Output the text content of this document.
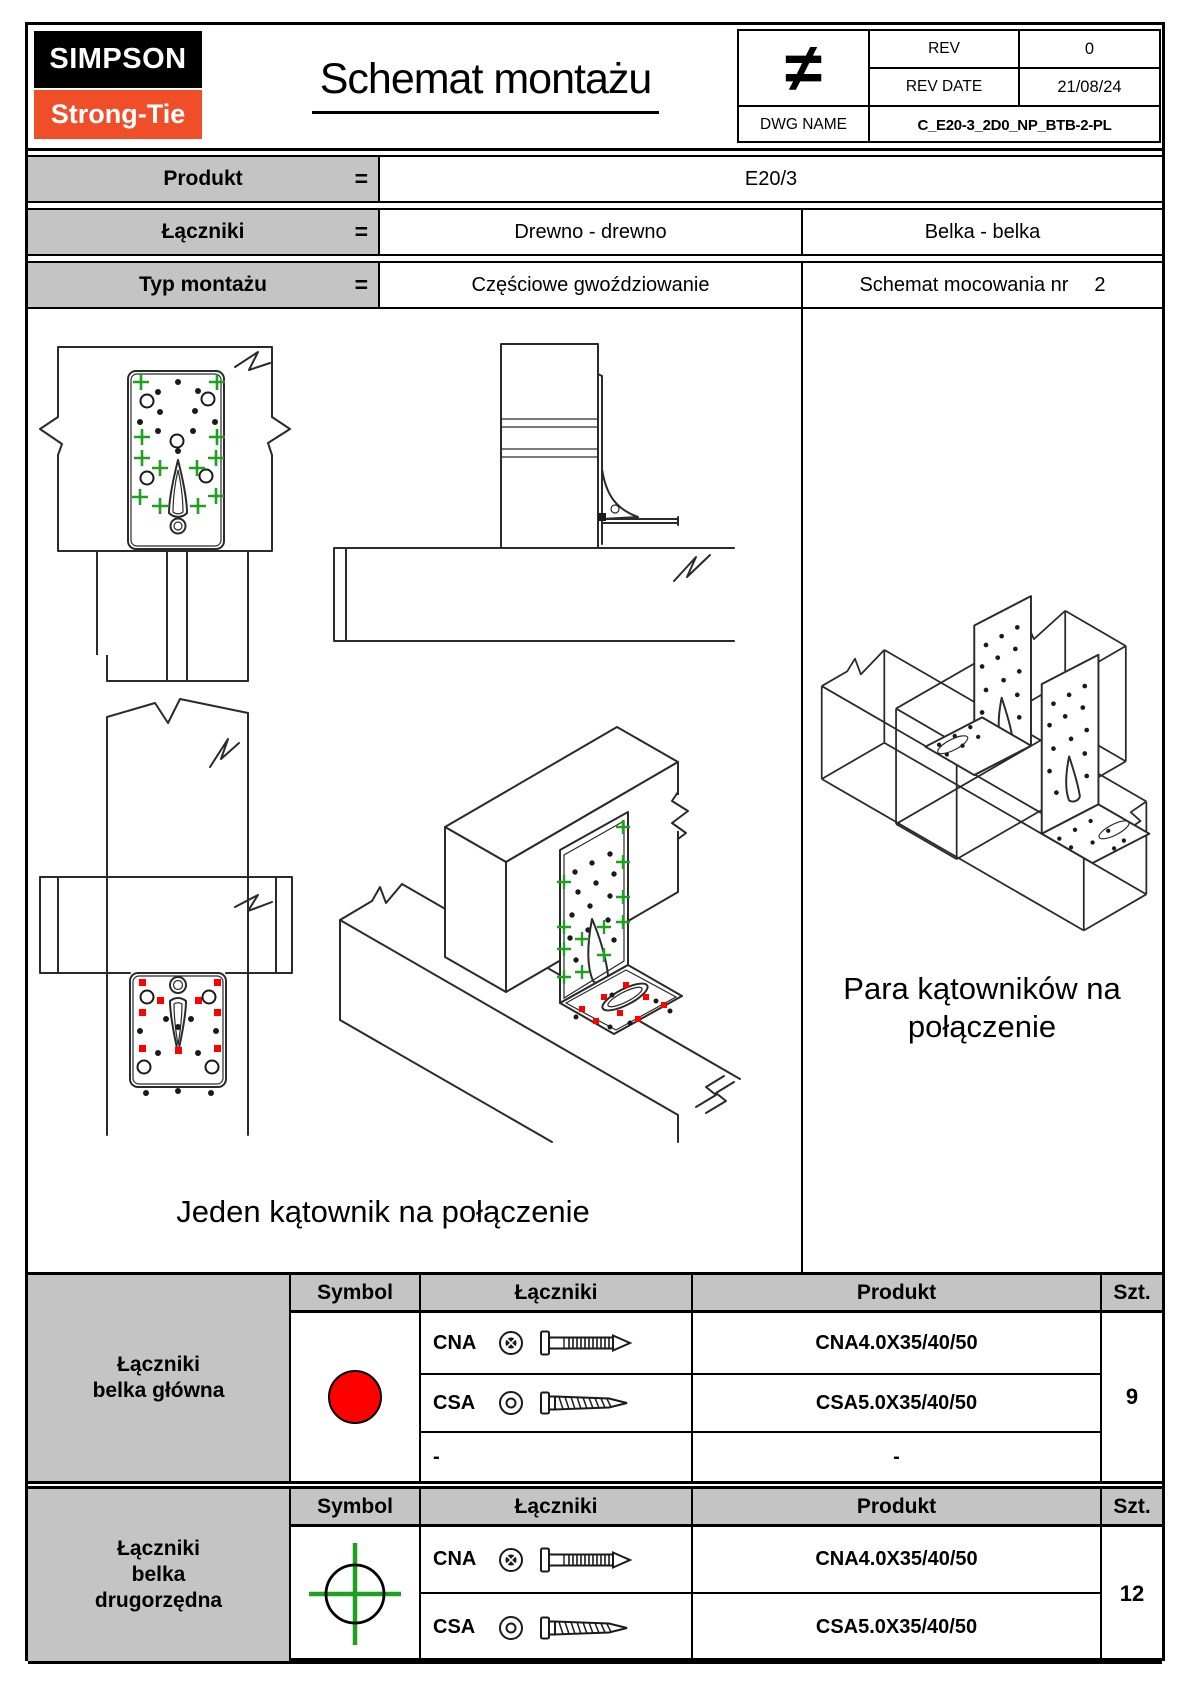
SIMPSON
Strong-Tie
Schemat montażu	≠	REV	0
REV DATE	21/08/24
DWG NAME	C_E20-3_2D0_NP_BTB-2-PL
Produkt	=	E20/3
Łączniki	=	Drewno - drewno	Belka - belka
Typ montażu	=	Częściowe gwoździowanie	Schemat mocowania nr 2
Jeden kątownik na połączenie
Para kątowników na
połączenie
Łączniki
belka główna
Symbol	Łączniki	Produkt	Szt.
CNA	CNA4.0X35/40/50
CSA	CSA5.0X35/40/50
-	-
9
Łączniki
belka
drugorzędna
Symbol	Łączniki	Produkt	Szt.
CNA	CNA4.0X35/40/50
CSA	CSA5.0X35/40/50
12
